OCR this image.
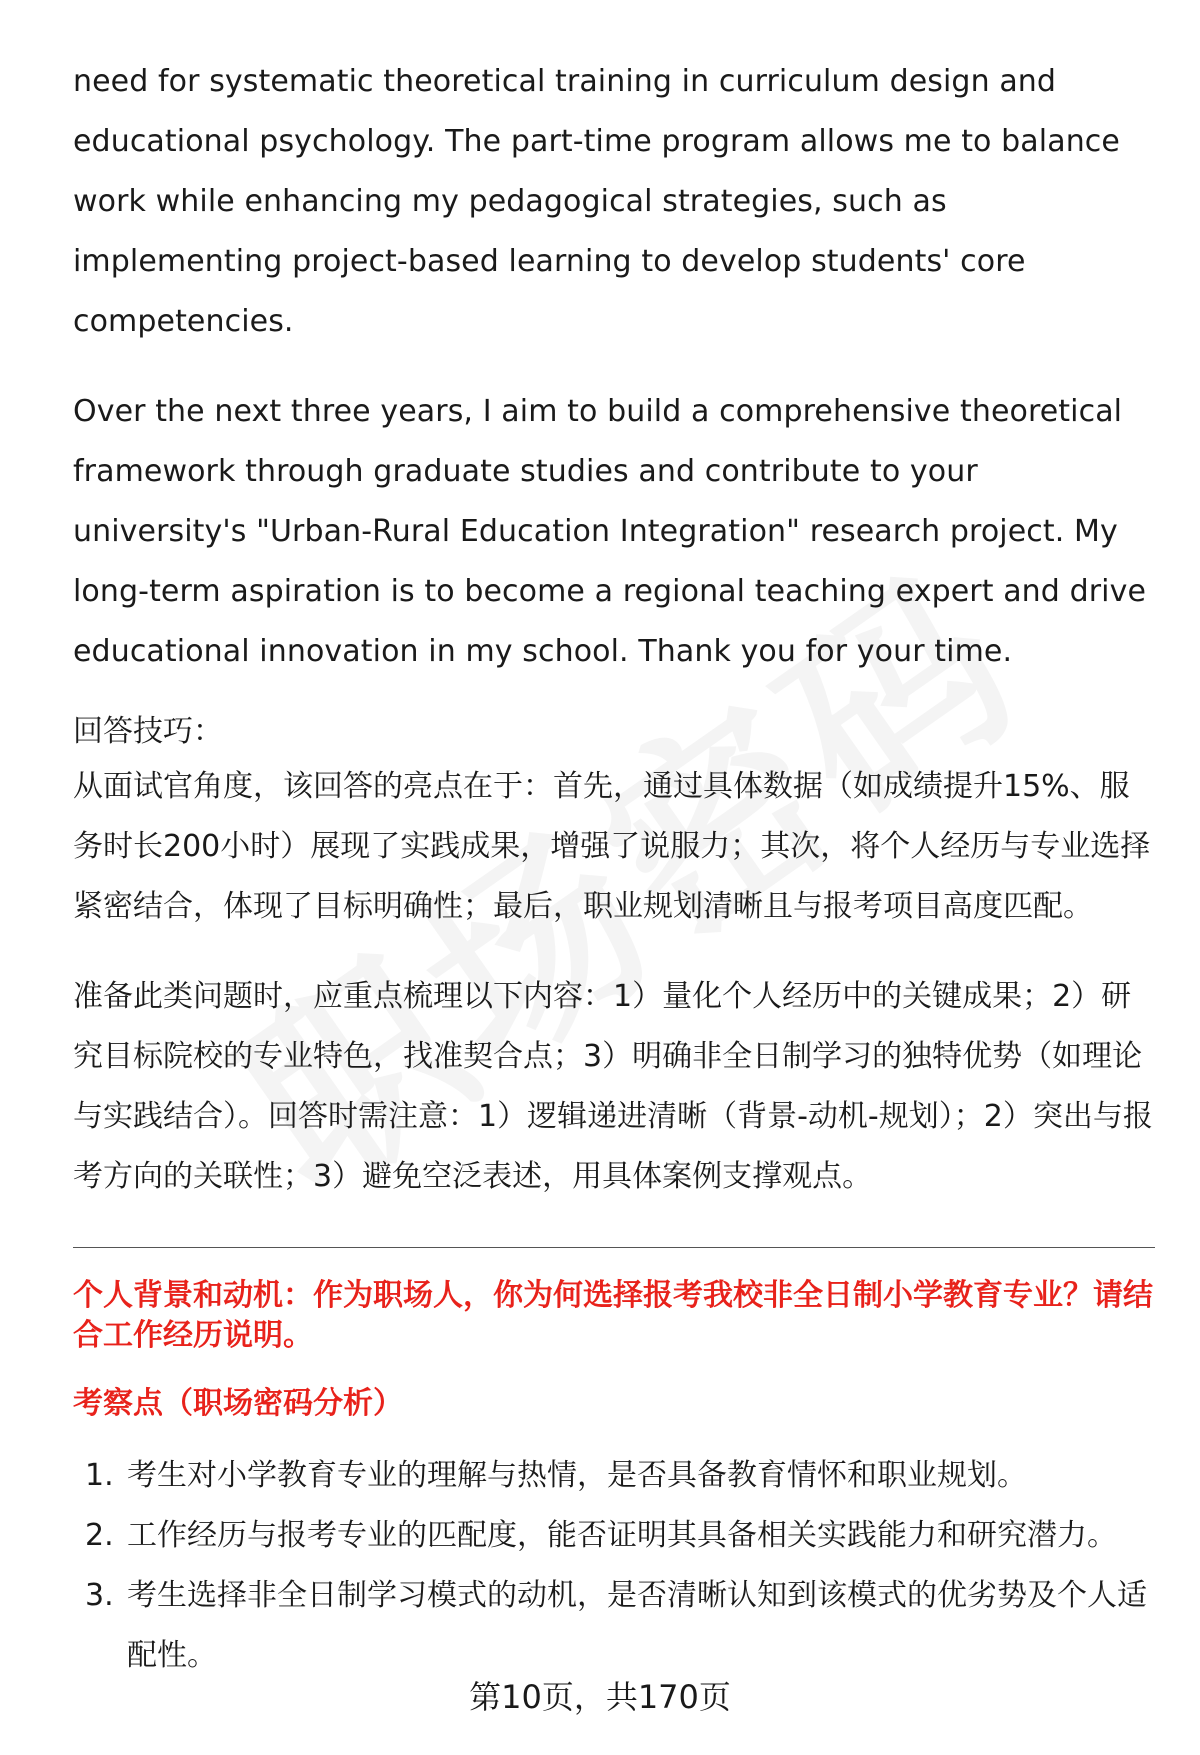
need for systematic theoretical training in curriculum design and educational psychology. The part-time program allows me to balance work while enhancing my pedagogical strategies, such as implementing project-based learning to develop students' core competencies.

Over the next three years, I aim to build a comprehensive theoretical framework through graduate studies and contribute to your university's "Urban-Rural Education Integration" research project. My long-term aspiration is to become a regional teaching expert and drive educational innovation in my school. Thank you for your time.

回答技巧：

从面试官角度，该回答的亮点在于：首先，通过具体数据（如成绩提升15%、服务时长200小时）展现了实践成果，增强了说服力；其次，将个人经历与专业选择紧密结合，体现了目标明确性；最后，职业规划清晰且与报考项目高度匹配。

准备此类问题时，应重点梳理以下内容：1）量化个人经历中的关键成果；2）研究目标院校的专业特色，找准契合点；3）明确非全日制学习的独特优势（如理论与实践结合）。回答时需注意：1）逻辑递进清晰（背景-动机-规划）；2）突出与报考方向的关联性；3）避免空泛表述，用具体案例支撑观点。

个人背景和动机：作为职场人，你为何选择报考我校非全日制小学教育专业？请结合工作经历说明。

考察点（职场密码分析）

1. 考生对小学教育专业的理解与热情，是否具备教育情怀和职业规划。
2. 工作经历与报考专业的匹配度，能否证明其具备相关实践能力和研究潜力。
3. 考生选择非全日制学习模式的动机，是否清晰认知到该模式的优劣势及个人适配性。
第10页，共170页
